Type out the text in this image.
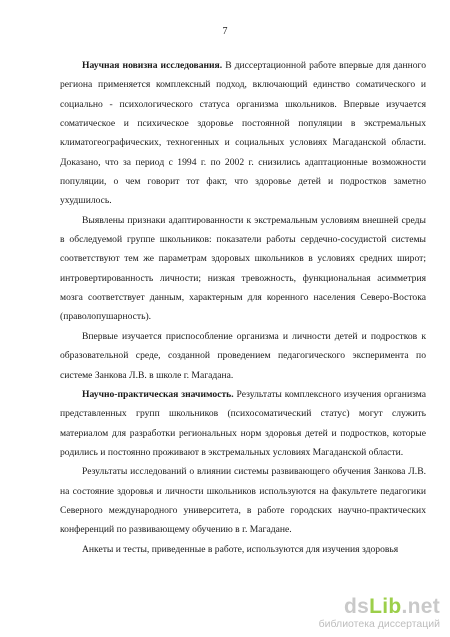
7

Научная новизна исследования. В диссертационной работе впервые для данного региона применяется комплексный подход, включающий единство соматического и социально - психологического статуса организма школьников. Впервые изучается соматическое и психическое здоровье постоянной популяции в экстремальных климатогеографических, техногенных и социальных условиях Магаданской области. Доказано, что за период с 1994 г. по 2002 г. снизились адаптационные возможности популяции, о чем говорит тот факт, что здоровье детей и подростков заметно ухудшилось.

Выявлены признаки адаптированности к экстремальным условиям внешней среды в обследуемой группе школьников: показатели работы сердечно-сосудистой системы соответствуют тем же параметрам здоровых школьников в условиях средних широт; интровертированность личности; низкая тревожность, функциональная асимметрия мозга соответствует данным, характерным для коренного населения Северо-Востока (праволопушарность).

Впервые изучается приспособление организма и личности детей и подростков к образовательной среде, созданной проведением педагогического эксперимента по системе Занкова Л.В. в школе г. Магадана.

Научно-практическая значимость. Результаты комплексного изучения организма представленных групп школьников (психосоматический статус) могут служить материалом для разработки региональных норм здоровья детей и подростков, которые родились и постоянно проживают в экстремальных условиях Магаданской области.

Результаты исследований о влиянии системы развивающего обучения Занкова Л.В. на состояние здоровья и личности школьников используются на факультете педагогики Северного международного университета, в работе городских научно-практических конференций по развивающему обучению в г. Магадане.

Анкеты и тесты, приведенные в работе, используются для изучения здоровья

dsLib.net
библиотека диссертаций
